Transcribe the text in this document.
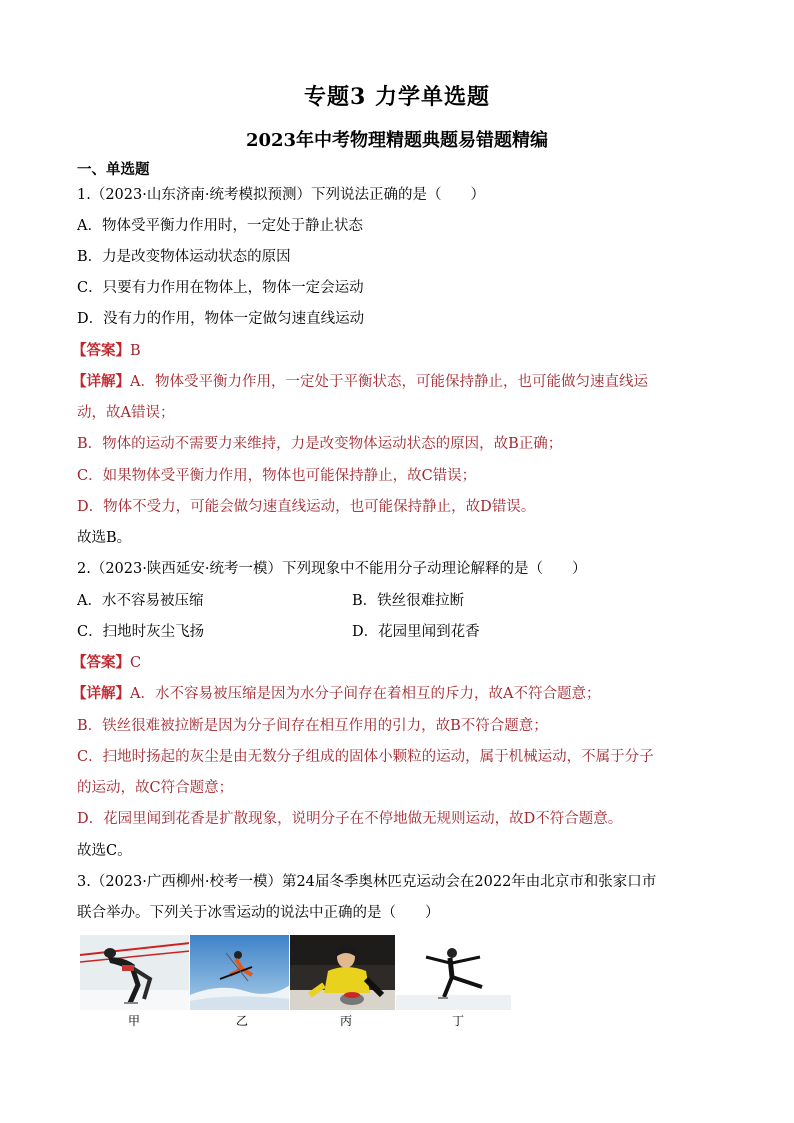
专题3 力学单选题
2023年中考物理精题典题易错题精编
一、单选题
1.（2023·山东济南·统考模拟预测）下列说法正确的是（　　）
A．物体受平衡力作用时，一定处于静止状态
B．力是改变物体运动状态的原因
C．只要有力作用在物体上，物体一定会运动
D．没有力的作用，物体一定做匀速直线运动
【答案】B
【详解】A．物体受平衡力作用，一定处于平衡状态，可能保持静止，也可能做匀速直线运
动，故A错误；
B．物体的运动不需要力来维持，力是改变物体运动状态的原因，故B正确；
C．如果物体受平衡力作用，物体也可能保持静止，故C错误；
D．物体不受力，可能会做匀速直线运动，也可能保持静止，故D错误。
故选B。
2.（2023·陕西延安·统考一模）下列现象中不能用分子动理论解释的是（　　）
A．水不容易被压缩	B．铁丝很难拉断
C．扫地时灰尘飞扬	D．花园里闻到花香
【答案】C
【详解】A．水不容易被压缩是因为水分子间存在着相互的斥力，故A不符合题意；
B．铁丝很难被拉断是因为分子间存在相互作用的引力，故B不符合题意；
C．扫地时扬起的灰尘是由无数分子组成的固体小颗粒的运动，属于机械运动，不属于分子
的运动，故C符合题意；
D．花园里闻到花香是扩散现象，说明分子在不停地做无规则运动，故D不符合题意。
故选C。
3.（2023·广西柳州·校考一模）第24届冬季奥林匹克运动会在2022年由北京市和张家口市
联合举办。下列关于冰雪运动的说法中正确的是（　　）
甲	乙	丙	丁
